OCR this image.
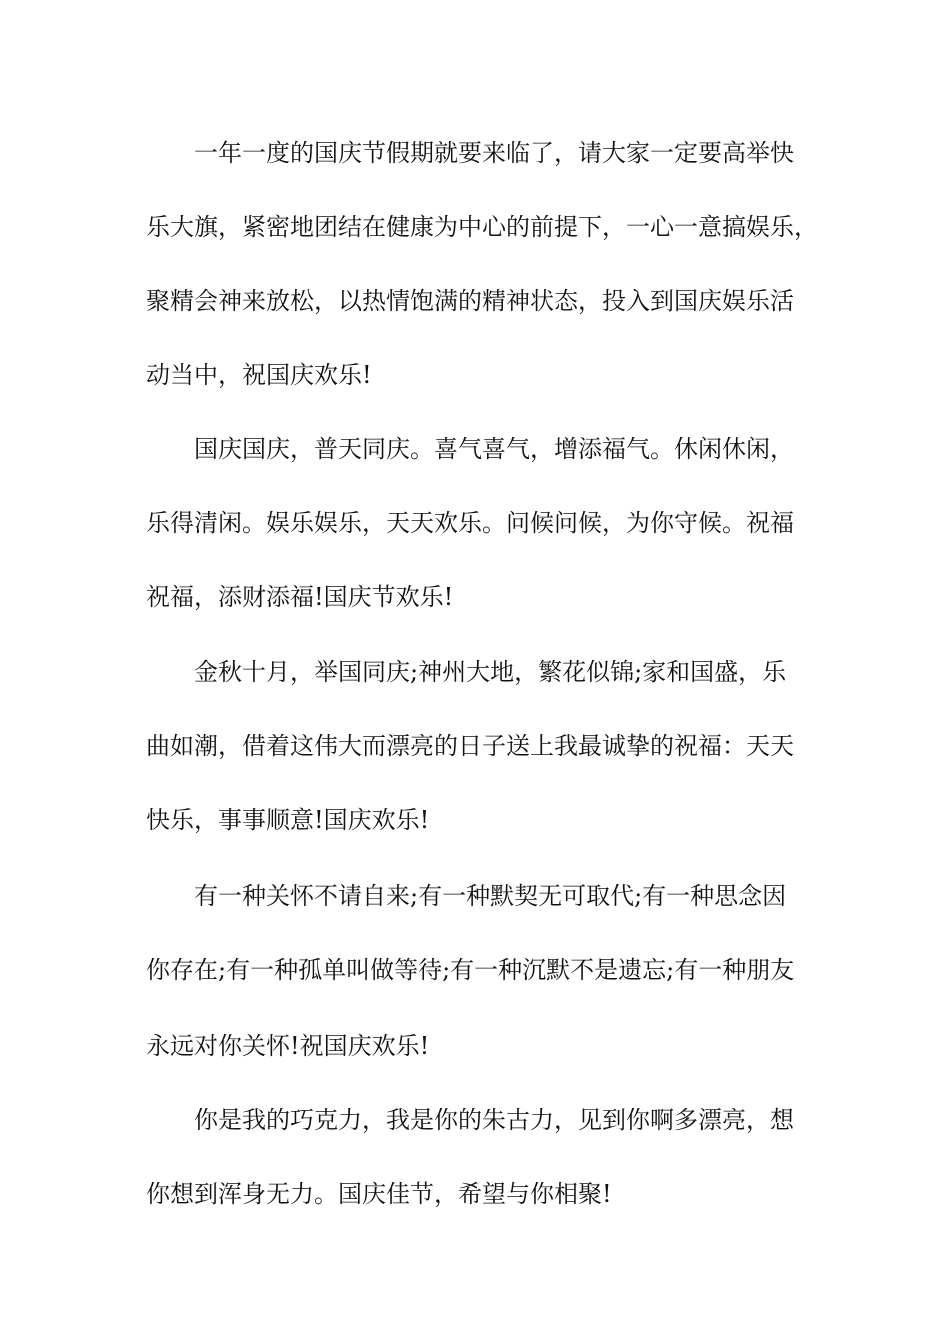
一年一度的国庆节假期就要来临了，请大家一定要高举快

乐大旗，紧密地团结在健康为中心的前提下，一心一意搞娱乐，

聚精会神来放松，以热情饱满的精神状态，投入到国庆娱乐活

动当中，祝国庆欢乐!

国庆国庆，普天同庆。喜气喜气，增添福气。休闲休闲，

乐得清闲。娱乐娱乐，天天欢乐。问候问候，为你守候。祝福

祝福，添财添福!国庆节欢乐!

金秋十月，举国同庆;神州大地，繁花似锦;家和国盛，乐

曲如潮，借着这伟大而漂亮的日子送上我最诚挚的祝福：天天

快乐，事事顺意!国庆欢乐!

有一种关怀不请自来;有一种默契无可取代;有一种思念因

你存在;有一种孤单叫做等待;有一种沉默不是遗忘;有一种朋友

永远对你关怀!祝国庆欢乐!

你是我的巧克力，我是你的朱古力，见到你啊多漂亮，想

你想到浑身无力。国庆佳节，希望与你相聚!
